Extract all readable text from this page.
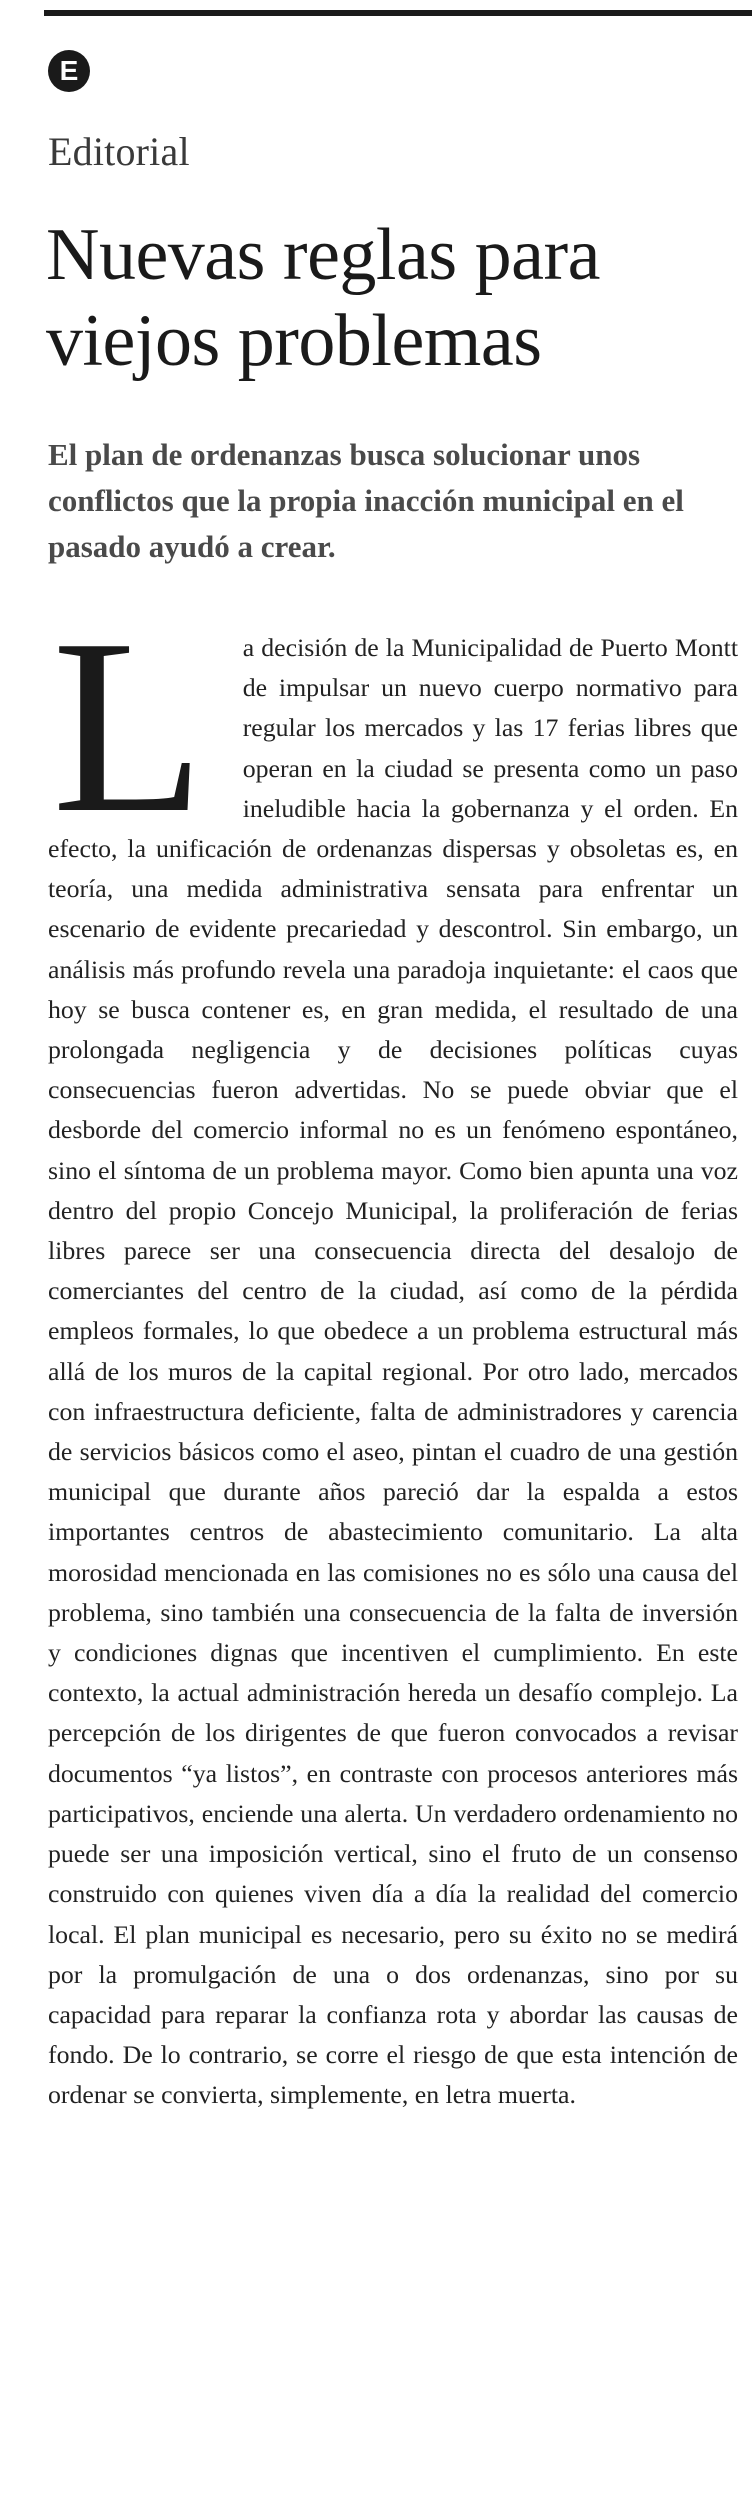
E
Editorial
Nuevas reglas para viejos problemas

El plan de ordenanzas busca solucionar unos conflictos que la propia inacción municipal en el pasado ayudó a crear.

L a decisión de la Municipalidad de Puerto Montt de impulsar un nuevo cuerpo normativo para regular los mercados y las 17 ferias libres que operan en la ciudad se presenta como un paso ineludible hacia la gobernanza y el orden. En efecto, la unificación de ordenanzas dispersas y obsoletas es, en teoría, una medida administrativa sensata para enfrentar un escenario de evidente precariedad y descontrol. Sin embargo, un análisis más profundo revela una paradoja inquietante: el caos que hoy se busca contener es, en gran medida, el resultado de una prolongada negligencia y de decisiones políticas cuyas consecuencias fueron advertidas. No se puede obviar que el desborde del comercio informal no es un fenómeno espontáneo, sino el síntoma de un problema mayor. Como bien apunta una voz dentro del propio Concejo Municipal, la proliferación de ferias libres parece ser una consecuencia directa del desalojo de comerciantes del centro de la ciudad, así como de la pérdida empleos formales, lo que obedece a un problema estructural más allá de los muros de la capital regional. Por otro lado, mercados con infraestructura deficiente, falta de administradores y carencia de servicios básicos como el aseo, pintan el cuadro de una gestión municipal que durante años pareció dar la espalda a estos importantes centros de abastecimiento comunitario. La alta morosidad mencionada en las comisiones no es sólo una causa del problema, sino también una consecuencia de la falta de inversión y condiciones dignas que incentiven el cumplimiento. En este contexto, la actual administración hereda un desafío complejo. La percepción de los dirigentes de que fueron convocados a revisar documentos “ya listos”, en contraste con procesos anteriores más participativos, enciende una alerta. Un verdadero ordenamiento no puede ser una imposición vertical, sino el fruto de un consenso construido con quienes viven día a día la realidad del comercio local. El plan municipal es necesario, pero su éxito no se medirá por la promulgación de una o dos ordenanzas, sino por su capacidad para reparar la confianza rota y abordar las causas de fondo. De lo contrario, se corre el riesgo de que esta intención de ordenar se convierta, simplemente, en letra muerta.
